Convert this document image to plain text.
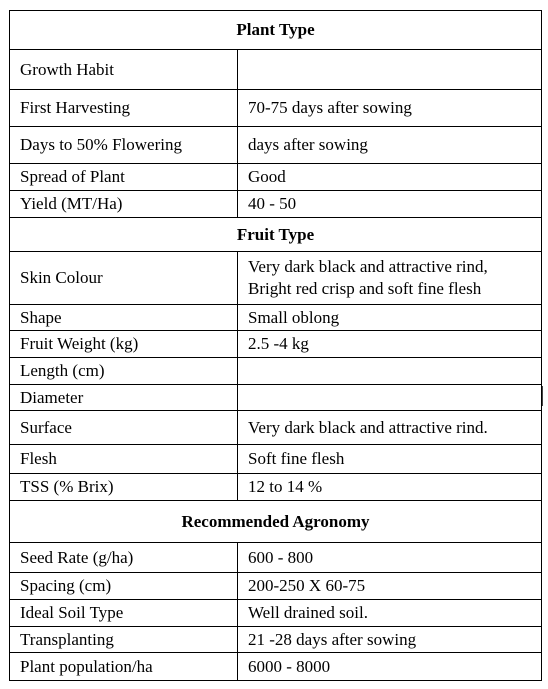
Plant Type	
Growth Habit	
First Harvesting	70-75 days after sowing
Days to 50% Flowering	days after sowing
Spread of Plant	Good
Yield (MT/Ha)	40 - 50
Fruit Type	
Skin Colour	Very dark black and attractive rind,
Bright red crisp and soft fine flesh

Shape	Small oblong
Fruit Weight (kg)	2.5 -4 kg
Length (cm)	
Diameter	
Surface	Very dark black and attractive rind.
Flesh	Soft fine flesh
TSS (% Brix)	12 to 14 %
Recommended Agronomy	
Seed Rate (g/ha)	600 - 800
Spacing (cm)	200-250 X 60-75
Ideal Soil Type	Well drained soil.
Transplanting	21 -28 days after sowing
Plant population/ha	6000 - 8000
